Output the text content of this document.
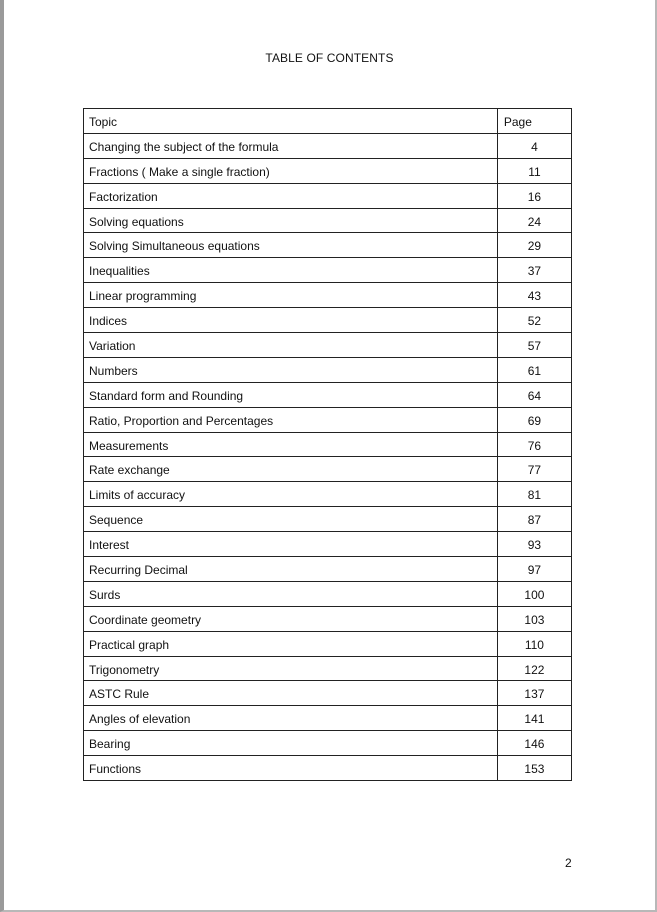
TABLE OF CONTENTS
Topic	Page
Changing the subject of the formula	4
Fractions ( Make a single fraction)	11
Factorization	16
Solving equations	24
Solving Simultaneous equations	29
Inequalities	37
Linear programming	43
Indices	52
Variation	57
Numbers	61
Standard form and Rounding	64
Ratio, Proportion and Percentages	69
Measurements	76
Rate exchange	77
Limits of accuracy	81
Sequence	87
Interest	93
Recurring Decimal	97
Surds	100
Coordinate geometry	103
Practical graph	110
Trigonometry	122
ASTC Rule	137
Angles of elevation	141
Bearing	146
Functions	153
2
